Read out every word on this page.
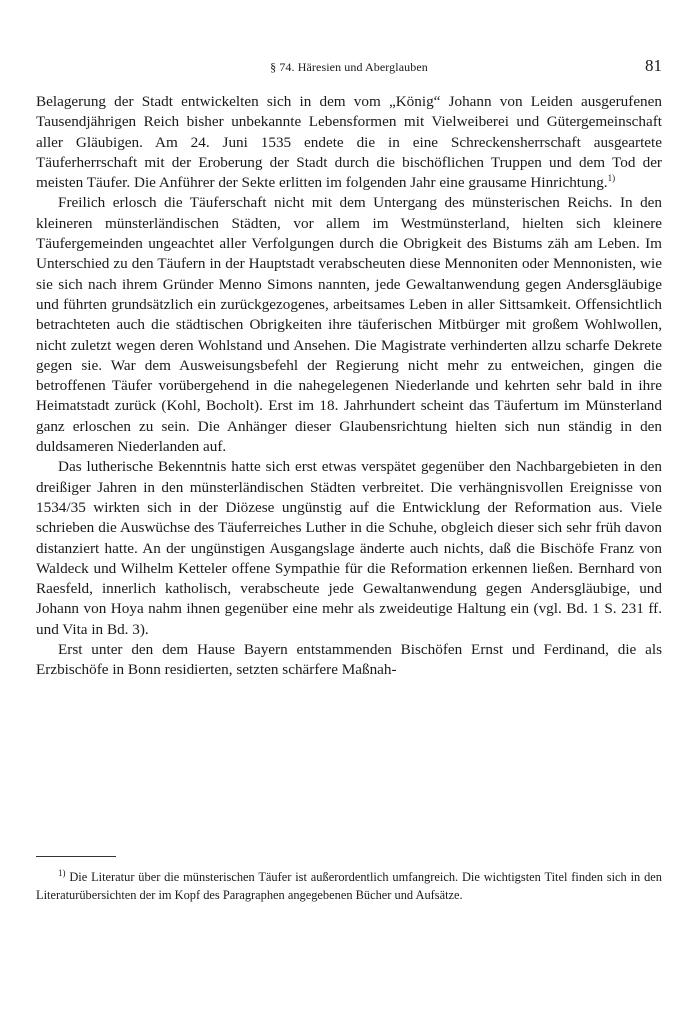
§ 74. Häresien und Aberglauben	81

Belagerung der Stadt entwickelten sich in dem vom „König“ Johann von Leiden ausgerufenen Tausendjährigen Reich bisher unbekannte Lebensformen mit Vielweiberei und Gütergemeinschaft aller Gläubigen. Am 24. Juni 1535 endete die in eine Schreckensherrschaft ausgeartete Täuferherrschaft mit der Eroberung der Stadt durch die bischöflichen Truppen und dem Tod der meisten Täufer. Die Anführer der Sekte erlitten im folgenden Jahr eine grausame Hinrichtung.$^{1)}$

Freilich erlosch die Täuferschaft nicht mit dem Untergang des münsterischen Reichs. In den kleineren münsterländischen Städten, vor allem im Westmünsterland, hielten sich kleinere Täufergemeinden ungeachtet aller Verfolgungen durch die Obrigkeit des Bistums zäh am Leben. Im Unterschied zu den Täufern in der Hauptstadt verabscheuten diese Mennoniten oder Mennonisten, wie sie sich nach ihrem Gründer Menno Simons nannten, jede Gewaltanwendung gegen Andersgläubige und führten grundsätzlich ein zurückgezogenes, arbeitsames Leben in aller Sittsamkeit. Offensichtlich betrachteten auch die städtischen Obrigkeiten ihre täuferischen Mitbürger mit großem Wohlwollen, nicht zuletzt wegen deren Wohlstand und Ansehen. Die Magistrate verhinderten allzu scharfe Dekrete gegen sie. War dem Ausweisungsbefehl der Regierung nicht mehr zu entweichen, gingen die betroffenen Täufer vorübergehend in die nahegelegenen Niederlande und kehrten sehr bald in ihre Heimatstadt zurück (Kohl, Bocholt). Erst im 18. Jahrhundert scheint das Täufertum im Münsterland ganz erloschen zu sein. Die Anhänger dieser Glaubensrichtung hielten sich nun ständig in den duldsameren Niederlanden auf.

Das lutherische Bekenntnis hatte sich erst etwas verspätet gegenüber den Nachbargebieten in den dreißiger Jahren in den münsterländischen Städten verbreitet. Die verhängnisvollen Ereignisse von 1534/35 wirkten sich in der Diözese ungünstig auf die Entwicklung der Reformation aus. Viele schrieben die Auswüchse des Täuferreiches Luther in die Schuhe, obgleich dieser sich sehr früh davon distanziert hatte. An der ungünstigen Ausgangslage änderte auch nichts, daß die Bischöfe Franz von Waldeck und Wilhelm Ketteler offene Sympathie für die Reformation erkennen ließen. Bernhard von Raesfeld, innerlich katholisch, verabscheute jede Gewaltanwendung gegen Andersgläubige, und Johann von Hoya nahm ihnen gegenüber eine mehr als zweideutige Haltung ein (vgl. Bd. 1 S. 231 ff. und Vita in Bd. 3).

Erst unter den dem Hause Bayern entstammenden Bischöfen Ernst und Ferdinand, die als Erzbischöfe in Bonn residierten, setzten schärfere Maßnah-

$^{1)}$ Die Literatur über die münsterischen Täufer ist außerordentlich umfangreich. Die wichtigsten Titel finden sich in den Literaturübersichten der im Kopf des Paragraphen angegebenen Bücher und Aufsätze.
